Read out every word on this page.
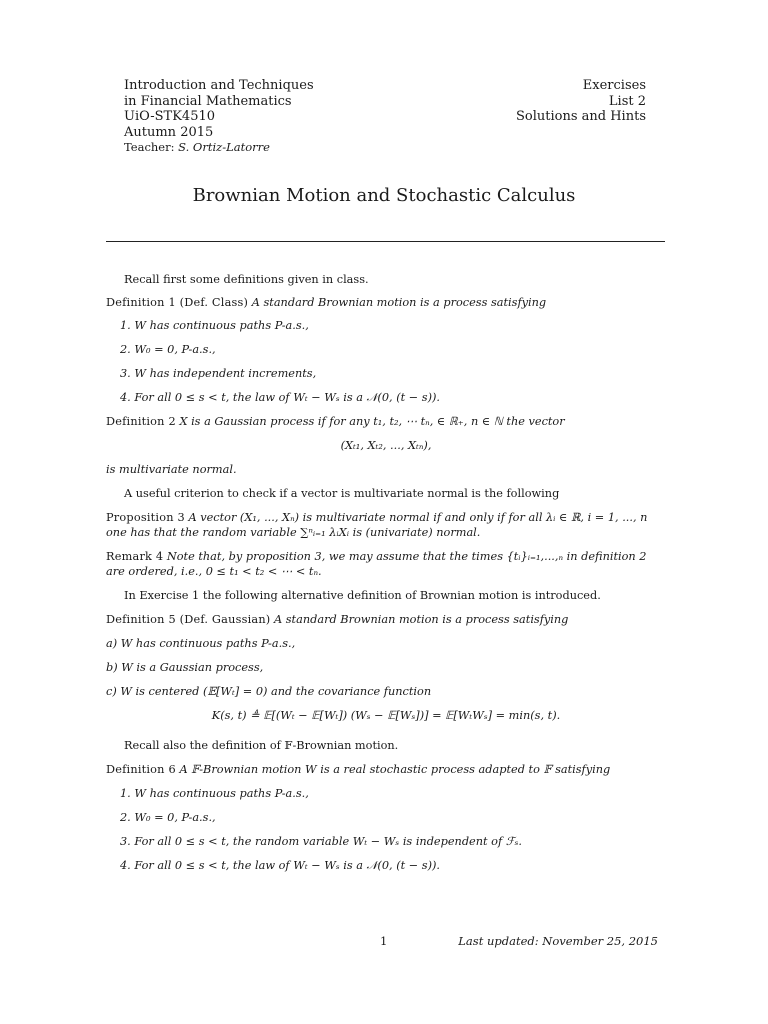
Introduction and Techniques
in Financial Mathematics
UiO-STK4510
Autumn 2015
Teacher: S. Ortiz-Latorre
Exercises
List 2
Solutions and Hints
Brownian Motion and Stochastic Calculus

Recall first some definitions given in class.

Definition 1 (Def. Class) A standard Brownian motion is a process satisfying

1. W has continuous paths P-a.s.,

2. W₀ = 0, P-a.s.,

3. W has independent increments,

4. For all 0 ≤ s < t, the law of Wₜ − Wₛ is a 𝒩(0, (t − s)).

Definition 2 X is a Gaussian process if for any t₁, t₂, ⋯ tₙ, ∈ ℝ₊, n ∈ ℕ the vector

(Xₜ₁, Xₜ₂, ..., Xₜₙ),

is multivariate normal.

A useful criterion to check if a vector is multivariate normal is the following

Proposition 3 A vector (X₁, ..., Xₙ) is multivariate normal if and only if for all λᵢ ∈ ℝ, i = 1, ..., n

one has that the random variable ∑ⁿᵢ₌₁ λᵢXᵢ is (univariate) normal.

Remark 4 Note that, by proposition 3, we may assume that the times {tᵢ}ᵢ₌₁,...,ₙ in definition 2

are ordered, i.e., 0 ≤ t₁ < t₂ < ⋯ < tₙ.

In Exercise 1 the following alternative definition of Brownian motion is introduced.

Definition 5 (Def. Gaussian) A standard Brownian motion is a process satisfying

a) W has continuous paths P-a.s.,

b) W is a Gaussian process,

c) W is centered (𝔼[Wₜ] = 0) and the covariance function

K(s, t) ≜ 𝔼[(Wₜ − 𝔼[Wₜ]) (Wₛ − 𝔼[Wₛ])] = 𝔼[WₜWₛ] = min(s, t).

Recall also the definition of 𝔽-Brownian motion.

Definition 6 A 𝔽-Brownian motion W is a real stochastic process adapted to 𝔽 satisfying

1. W has continuous paths P-a.s.,

2. W₀ = 0, P-a.s.,

3. For all 0 ≤ s < t, the random variable Wₜ − Wₛ is independent of ℱₛ.

4. For all 0 ≤ s < t, the law of Wₜ − Wₛ is a 𝒩(0, (t − s)).

1	Last updated: November 25, 2015
